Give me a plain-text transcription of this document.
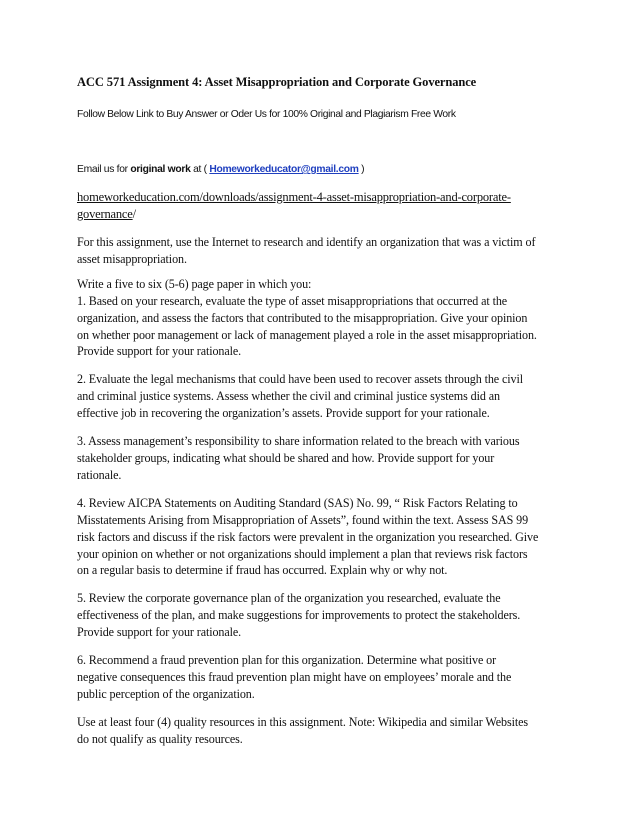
ACC 571 Assignment 4: Asset Misappropriation and Corporate Governance
Follow Below Link to Buy Answer or Oder Us for 100% Original and Plagiarism Free Work
Email us for original work at ( Homeworkeducator@gmail.com )
homeworkeducation.com/downloads/assignment-4-asset-misappropriation-and-corporate-
governance/
For this assignment, use the Internet to research and identify an organization that was a victim of
asset misappropriation.
Write a five to six (5-6) page paper in which you:
1. Based on your research, evaluate the type of asset misappropriations that occurred at the
organization, and assess the factors that contributed to the misappropriation. Give your opinion
on whether poor management or lack of management played a role in the asset misappropriation.
Provide support for your rationale.
2. Evaluate the legal mechanisms that could have been used to recover assets through the civil
and criminal justice systems. Assess whether the civil and criminal justice systems did an
effective job in recovering the organization’s assets. Provide support for your rationale.
3. Assess management’s responsibility to share information related to the breach with various
stakeholder groups, indicating what should be shared and how. Provide support for your
rationale.
4. Review AICPA Statements on Auditing Standard (SAS) No. 99, “ Risk Factors Relating to
Misstatements Arising from Misappropriation of Assets”, found within the text. Assess SAS 99
risk factors and discuss if the risk factors were prevalent in the organization you researched. Give
your opinion on whether or not organizations should implement a plan that reviews risk factors
on a regular basis to determine if fraud has occurred. Explain why or why not.
5. Review the corporate governance plan of the organization you researched, evaluate the
effectiveness of the plan, and make suggestions for improvements to protect the stakeholders.
Provide support for your rationale.
6. Recommend a fraud prevention plan for this organization. Determine what positive or
negative consequences this fraud prevention plan might have on employees’ morale and the
public perception of the organization.
Use at least four (4) quality resources in this assignment. Note: Wikipedia and similar Websites
do not qualify as quality resources.
